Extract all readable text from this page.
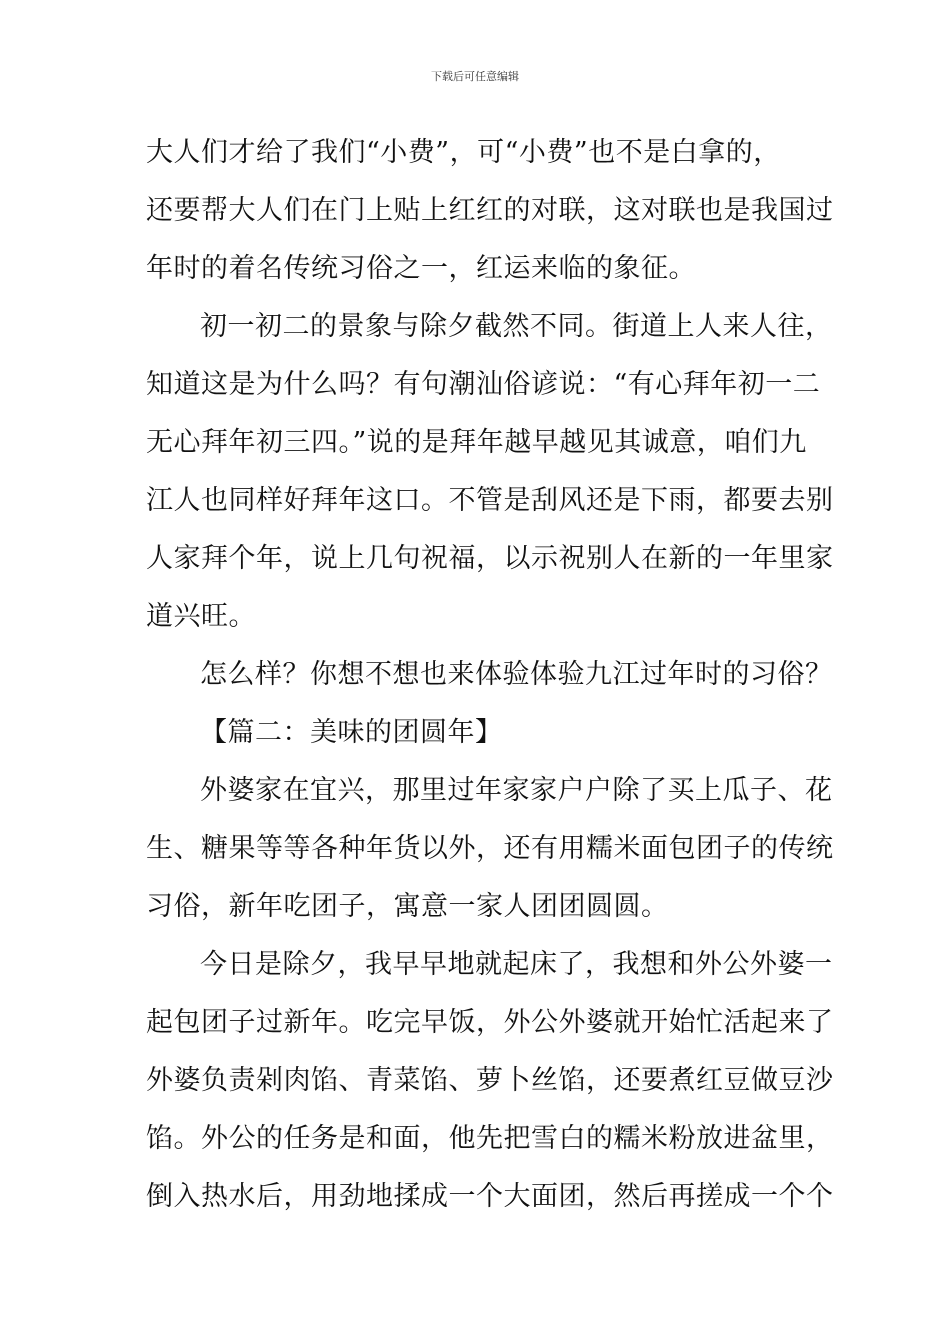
下载后可任意编辑
大人们才给了我们“小费”，可“小费”也不是白拿的，
还要帮大人们在门上贴上红红的对联，这对联也是我国过
年时的着名传统习俗之一，红运来临的象征。
初一初二的景象与除夕截然不同。街道上人来人往，
知道这是为什么吗？有句潮汕俗谚说：“有心拜年初一二
无心拜年初三四。”说的是拜年越早越见其诚意，咱们九
江人也同样好拜年这口。不管是刮风还是下雨，都要去别
人家拜个年，说上几句祝福，以示祝别人在新的一年里家
道兴旺。
怎么样？你想不想也来体验体验九江过年时的习俗？
【篇二：美味的团圆年】
外婆家在宜兴，那里过年家家户户除了买上瓜子、花
生、糖果等等各种年货以外，还有用糯米面包团子的传统
习俗，新年吃团子，寓意一家人团团圆圆。
今日是除夕，我早早地就起床了，我想和外公外婆一
起包团子过新年。吃完早饭，外公外婆就开始忙活起来了
外婆负责剁肉馅、青菜馅、萝卜丝馅，还要煮红豆做豆沙
馅。外公的任务是和面，他先把雪白的糯米粉放进盆里，
倒入热水后，用劲地揉成一个大面团，然后再搓成一个个
